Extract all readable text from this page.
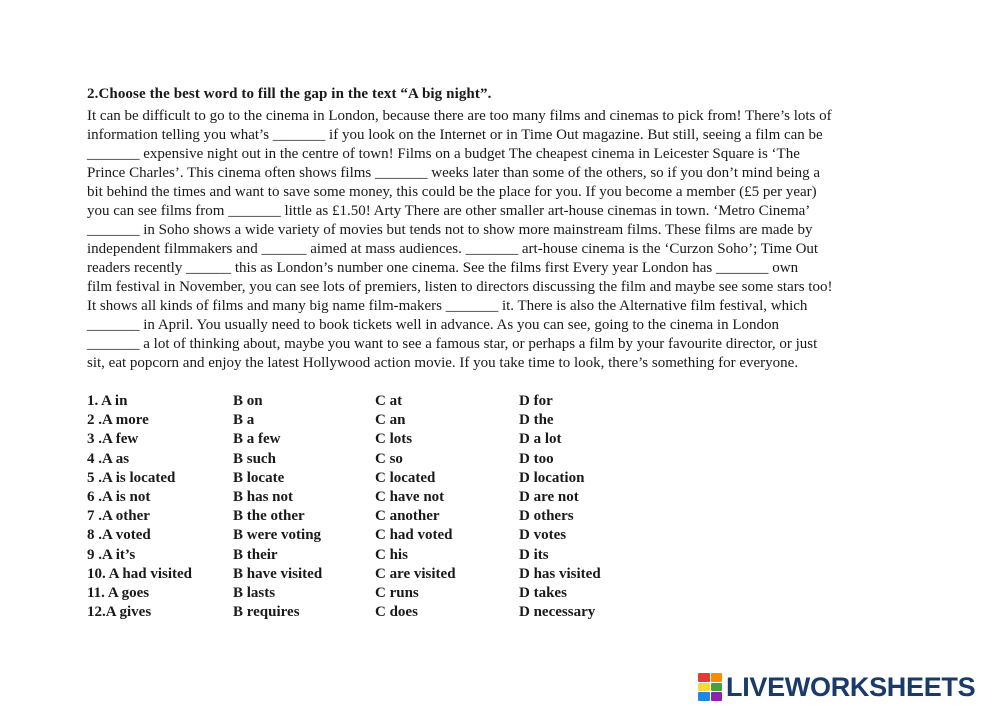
2.Choose the best word to fill the gap in the text “A big night”.
It can be difficult to go to the cinema in London, because there are too many films and cinemas to pick from! There’s lots of
information telling you what’s _______ if you look on the Internet or in Time Out magazine. But still, seeing a film can be
_______ expensive night out in the centre of town! Films on a budget The cheapest cinema in Leicester Square is ‘The
Prince Charles’. This cinema often shows films _______ weeks later than some of the others, so if you don’t mind being a
bit behind the times and want to save some money, this could be the place for you. If you become a member (£5 per year)
you can see films from _______ little as £1.50! Arty There are other smaller art-house cinemas in town. ‘Metro Cinema’
_______ in Soho shows a wide variety of movies but tends not to show more mainstream films. These films are made by
independent filmmakers and ______ aimed at mass audiences. _______ art-house cinema is the ‘Curzon Soho’; Time Out
readers recently ______ this as London’s number one cinema. See the films first Every year London has _______ own
film festival in November, you can see lots of premiers, listen to directors discussing the film and maybe see some stars too!
It shows all kinds of films and many big name film-makers _______ it. There is also the Alternative film festival, which
_______ in April. You usually need to book tickets well in advance. As you can see, going to the cinema in London
_______ a lot of thinking about, maybe you want to see a famous star, or perhaps a film by your favourite director, or just
sit, eat popcorn and enjoy the latest Hollywood action movie. If you take time to look, there’s something for everyone.
1. A in	B on	C at	D for
2 .A more	B a	C an	D the
3 .A few	B a few	C lots	D a lot
4 .A as	B such	C so	D too
5 .A is located	B locate	C located	D location
6 .A is not	B has not	C have not	D are not
7 .A other	B the other	C another	D others
8 .A voted	B were voting	C had voted	D votes
9 .A it’s	B their	C his	D its
10. A had visited	B have visited	C are visited	D has visited
11. A goes	B lasts	C runs	D takes
12.A gives	B requires	C does	D necessary
LIVEWORKSHEETS
